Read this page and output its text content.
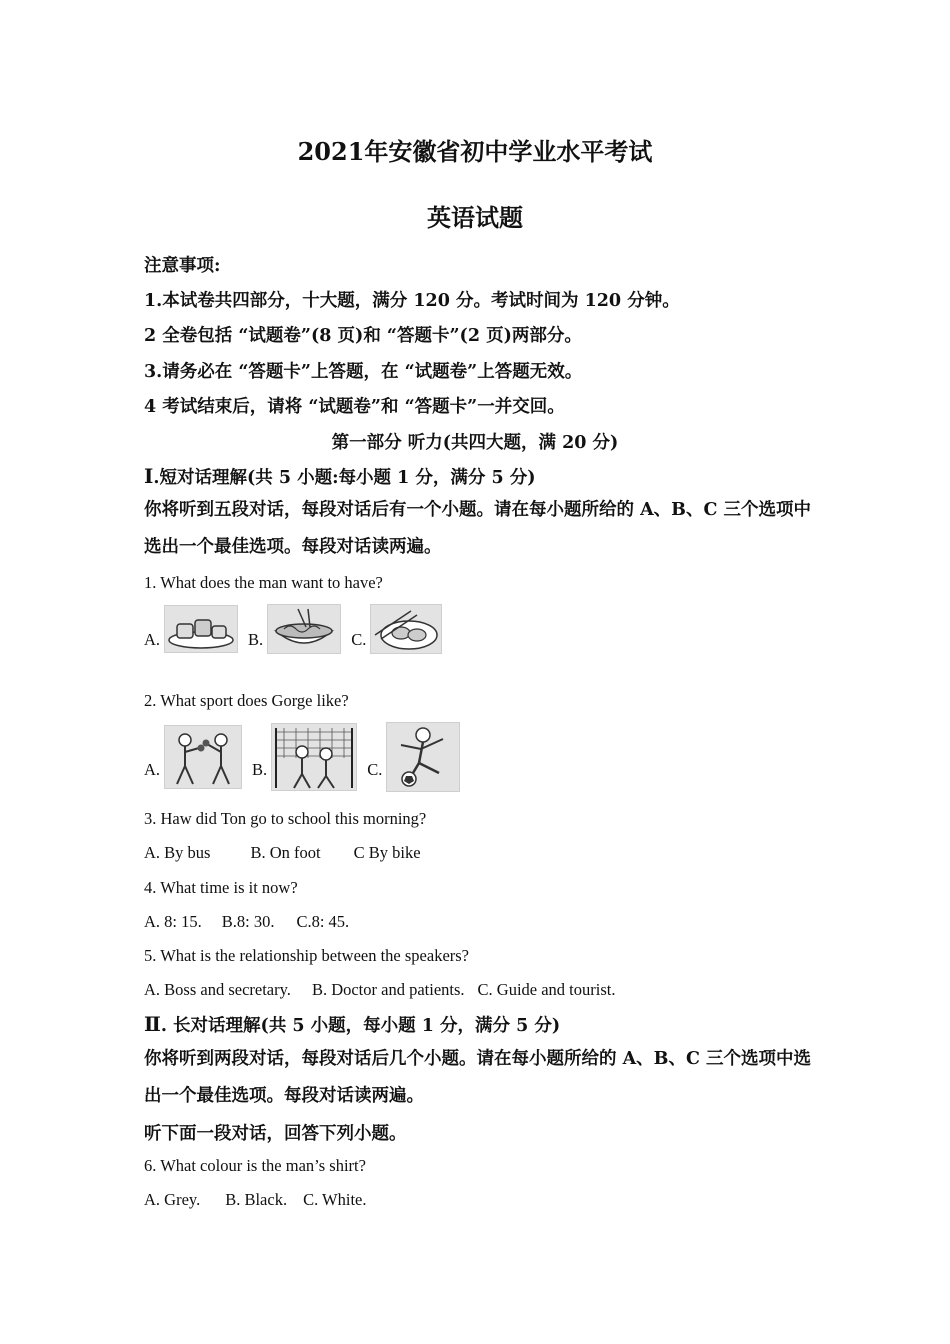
2021年安徽省初中学业水平考试
英语试题
注意事项:
1.本试卷共四部分，十大题，满分 120 分。考试时间为 120 分钟。
2 全卷包括 “试题卷”(8 页)和 “答题卡”(2 页)两部分。
3.请务必在 “答题卡”上答题，在 “试题卷”上答题无效。
4 考试结束后，请将 “试题卷”和 “答题卡”一并交回。
第一部分 听力(共四大题，满 20 分)
Ⅰ.短对话理解(共 5 小题:每小题 1 分，满分 5 分)
你将听到五段对话，每段对话后有一个小题。请在每小题所给的 A、B、C 三个选项中选出一个最佳选项。每段对话读两遍。
1. What does the man want to have?
A.	B.	C.
2. What sport does Gorge like?
A.	B.	C.
3. Haw did Ton go to school this morning?
A. By bus B. On foot C By bike
4. What time is it now?
A. 8: 15. B.8: 30. C.8: 45.
5. What is the relationship between the speakers?
A. Boss and secretary. B. Doctor and patients. C. Guide and tourist.
Ⅱ. 长对话理解(共 5 小题，每小题 1 分，满分 5 分)
你将听到两段对话，每段对话后几个小题。请在每小题所给的 A、B、C 三个选项中选出一个最佳选项。每段对话读两遍。
听下面一段对话，回答下列小题。
6. What colour is the man’s shirt?
A. Grey. B. Black. C. White.
